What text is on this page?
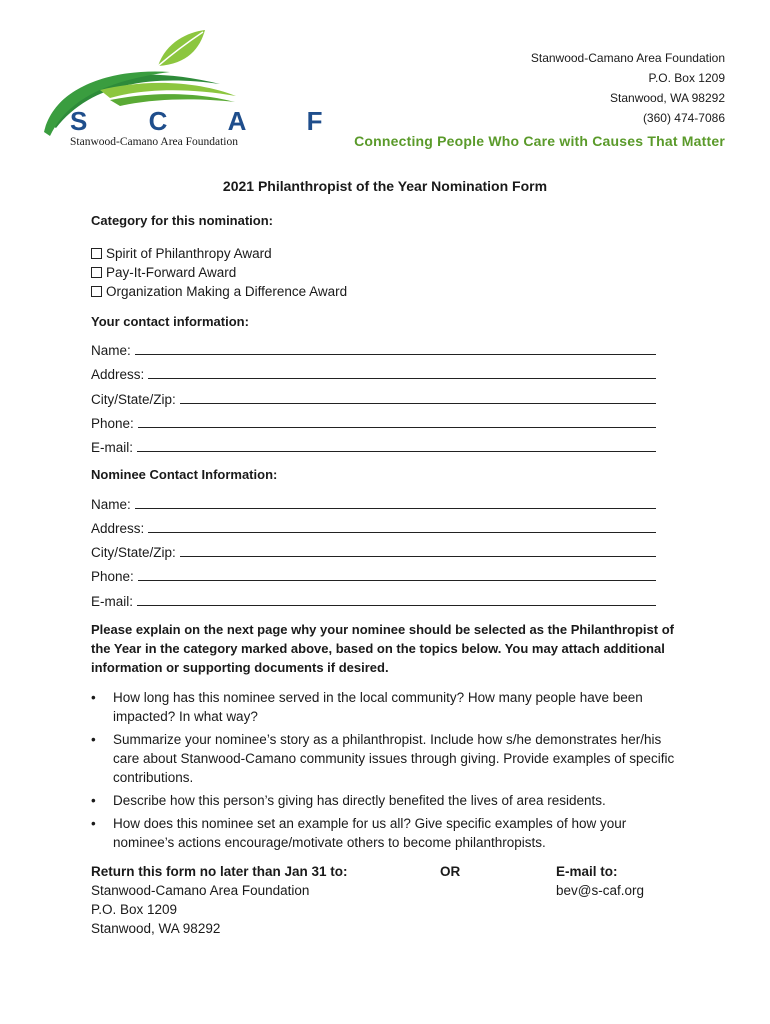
S C A F
Stanwood-Camano Area Foundation
Stanwood-Camano Area Foundation
P.O. Box 1209
Stanwood, WA 98292
(360) 474-7086
Connecting People Who Care with Causes That Matter
2021 Philanthropist of the Year Nomination Form
Category for this nomination:
Spirit of Philanthropy Award
Pay-It-Forward Award
Organization Making a Difference Award
Your contact information:
Name:
Address:
City/State/Zip:
Phone:
E-mail:
Nominee Contact Information:
Name:
Address:
City/State/Zip:
Phone:
E-mail:
Please explain on the next page why your nominee should be selected as the Philanthropist of the Year in the category marked above, based on the topics below. You may attach additional information or supporting documents if desired.
• How long has this nominee served in the local community? How many people have been impacted? In what way?
• Summarize your nominee’s story as a philanthropist. Include how s/he demonstrates her/his care about Stanwood-Camano community issues through giving. Provide examples of specific contributions.
• Describe how this person’s giving has directly benefited the lives of area residents.
• How does this nominee set an example for us all? Give specific examples of how your nominee’s actions encourage/motivate others to become philanthropists.
Return this form no later than Jan 31 to:
Stanwood-Camano Area Foundation
P.O. Box 1209
Stanwood, WA 98292
OR	E-mail to:
bev@s-caf.org
